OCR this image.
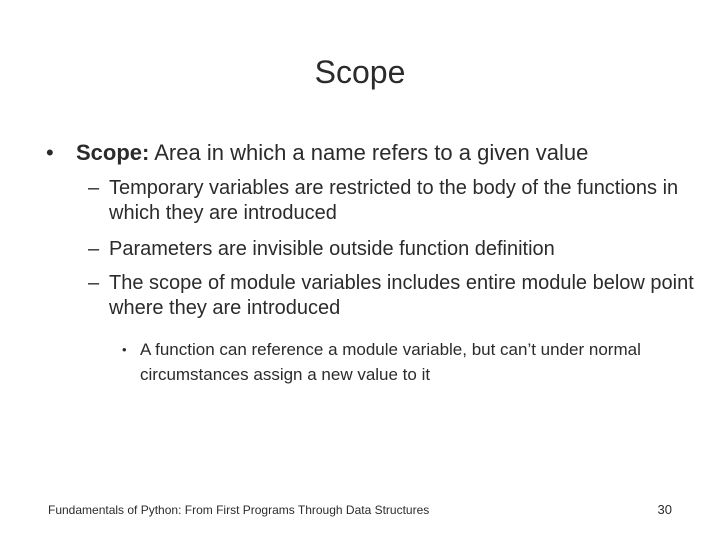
Scope
•	Scope: Area in which a name refers to a given value
– Temporary variables are restricted to the body of the functions in which they are introduced
– Parameters are invisible outside function definition
– The scope of module variables includes entire module below point where they are introduced
• A function can reference a module variable, but can’t under normal circumstances assign a new value to it
Fundamentals of Python: From First Programs Through Data Structures	30
